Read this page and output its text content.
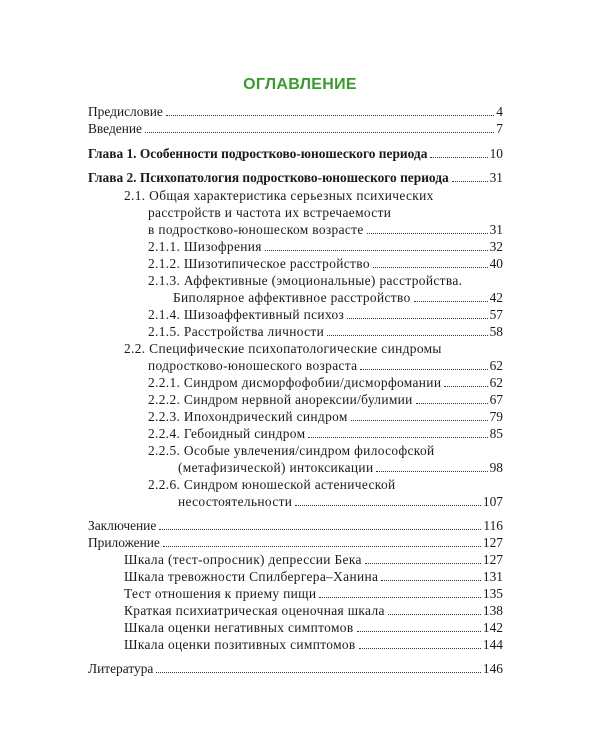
ОГЛАВЛЕНИЕ
Предисловие	4
Введение	7
Глава 1. Особенности подростково-юношеского периода	10
Глава 2. Психопатология подростково-юношеского периода	31
2.1. Общая характеристика серьезных психических
расстройств и частота их встречаемости
в подростково-юношеском возрасте	31
2.1.1. Шизофрения	32
2.1.2. Шизотипическое расстройство	40
2.1.3. Аффективные (эмоциональные) расстройства.
Биполярное аффективное расстройство	42
2.1.4. Шизоаффективный психоз	57
2.1.5. Расстройства личности	58
2.2. Специфические психопатологические синдромы
подростково-юношеского возраста	62
2.2.1. Синдром дисморфофобии/дисморфомании	62
2.2.2. Синдром нервной анорексии/булимии	67
2.2.3. Ипохондрический синдром	79
2.2.4. Гебоидный синдром	85
2.2.5. Особые увлечения/синдром философской
(метафизической) интоксикации	98
2.2.6. Синдром юношеской астенической
несостоятельности	107
Заключение	116
Приложение	127
Шкала (тест-опросник) депрессии Бека	127
Шкала тревожности Спилбергера–Ханина	131
Тест отношения к приему пищи	135
Краткая психиатрическая оценочная шкала	138
Шкала оценки негативных симптомов	142
Шкала оценки позитивных симптомов	144
Литература	146
